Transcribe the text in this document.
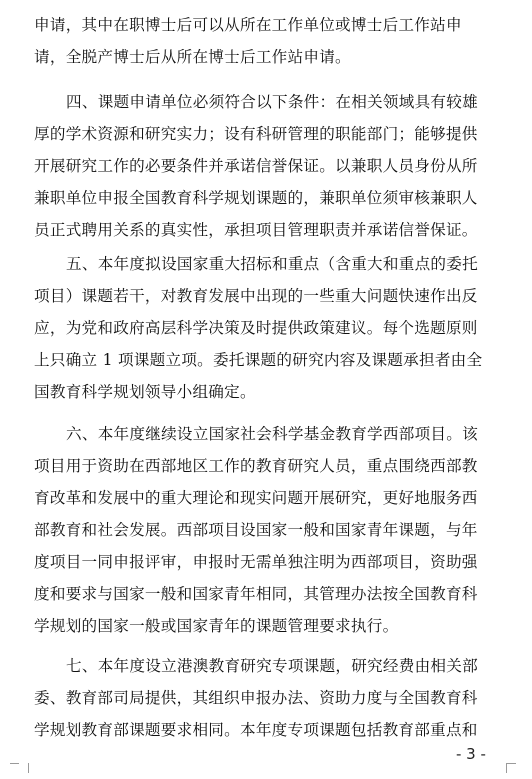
申请，其中在职博士后可以从所在工作单位或博士后工作站申
请，全脱产博士后从所在博士后工作站申请。
四、课题申请单位必须符合以下条件：在相关领域具有较雄
厚的学术资源和研究实力；设有科研管理的职能部门；能够提供
开展研究工作的必要条件并承诺信誉保证。以兼职人员身份从所
兼职单位申报全国教育科学规划课题的，兼职单位须审核兼职人
员正式聘用关系的真实性，承担项目管理职责并承诺信誉保证。
五、本年度拟设国家重大招标和重点（含重大和重点的委托
项目）课题若干，对教育发展中出现的一些重大问题快速作出反
应，为党和政府高层科学决策及时提供政策建议。每个选题原则
上只确立 1 项课题立项。委托课题的研究内容及课题承担者由全
国教育科学规划领导小组确定。
六、本年度继续设立国家社会科学基金教育学西部项目。该
项目用于资助在西部地区工作的教育研究人员，重点围绕西部教
育改革和发展中的重大理论和现实问题开展研究，更好地服务西
部教育和社会发展。西部项目设国家一般和国家青年课题，与年
度项目一同申报评审，申报时无需单独注明为西部项目，资助强
度和要求与国家一般和国家青年相同，其管理办法按全国教育科
学规划的国家一般或国家青年的课题管理要求执行。
七、本年度设立港澳教育研究专项课题，研究经费由相关部
委、教育部司局提供，其组织申报办法、资助力度与全国教育科
学规划教育部课题要求相同。本年度专项课题包括教育部重点和
- 3 -
